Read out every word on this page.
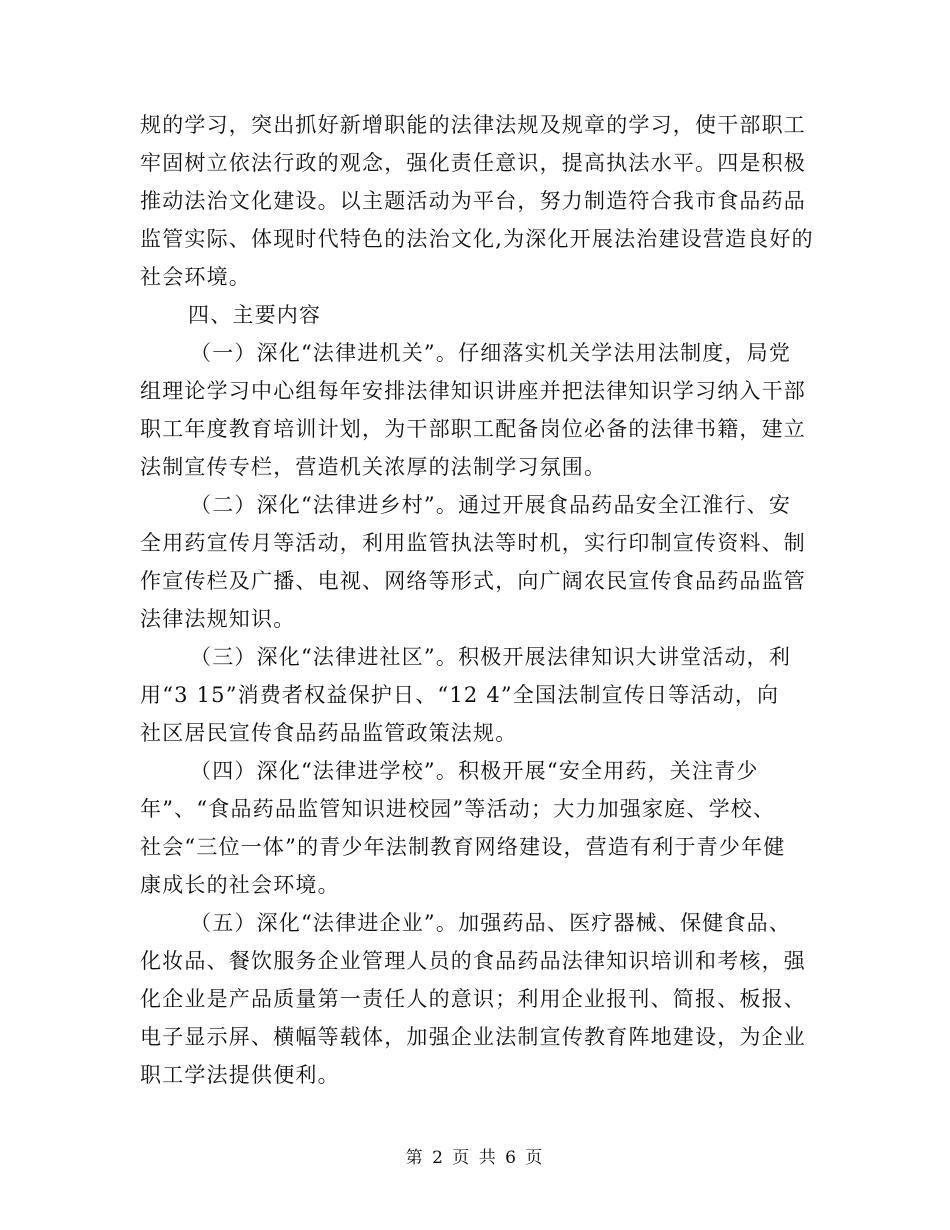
规的学习，突出抓好新增职能的法律法规及规章的学习，使干部职工

牢固树立依法行政的观念，强化责任意识，提高执法水平。四是积极

推动法治文化建设。以主题活动为平台，努力制造符合我市食品药品

监管实际、体现时代特色的法治文化,为深化开展法治建设营造良好的

社会环境。

四、主要内容

（一）深化“法律进机关”。仔细落实机关学法用法制度，局党

组理论学习中心组每年安排法律知识讲座并把法律知识学习纳入干部

职工年度教育培训计划，为干部职工配备岗位必备的法律书籍，建立

法制宣传专栏，营造机关浓厚的法制学习氛围。

（二）深化“法律进乡村”。通过开展食品药品安全江淮行、安

全用药宣传月等活动，利用监管执法等时机，实行印制宣传资料、制

作宣传栏及广播、电视、网络等形式，向广阔农民宣传食品药品监管

法律法规知识。

（三）深化“法律进社区”。积极开展法律知识大讲堂活动，利

用“3 15”消费者权益保护日、“12 4”全国法制宣传日等活动，向

社区居民宣传食品药品监管政策法规。

（四）深化“法律进学校”。积极开展“安全用药，关注青少

年”、“食品药品监管知识进校园”等活动；大力加强家庭、学校、

社会“三位一体”的青少年法制教育网络建设，营造有利于青少年健

康成长的社会环境。

（五）深化“法律进企业”。加强药品、医疗器械、保健食品、

化妆品、餐饮服务企业管理人员的食品药品法律知识培训和考核，强

化企业是产品质量第一责任人的意识；利用企业报刊、简报、板报、

电子显示屏、横幅等载体，加强企业法制宣传教育阵地建设，为企业

职工学法提供便利。

第 2 页 共 6 页
